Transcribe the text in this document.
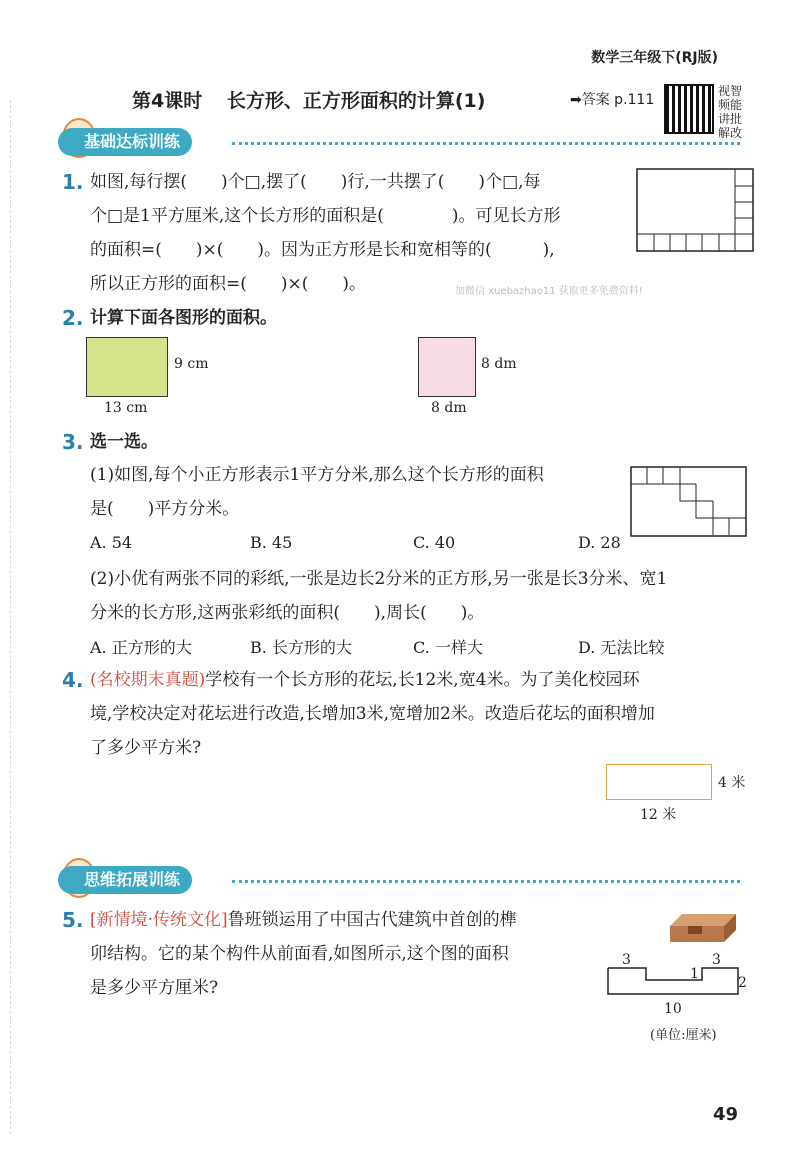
数学三年级下(RJ版)
第4课时 长方形、正方形面积的计算(1)	➡答案 p.111
视智频能讲批解改
基础达标训练
1. 如图,每行摆(　　)个□,摆了(　　)行,一共摆了(　　)个□,每
个□是1平方厘米,这个长方形的面积是(　　　　)。可见长方形
的面积=(　　)×(　　)。因为正方形是长和宽相等的(　　　),
所以正方形的面积=(　　)×(　　)。	加微信 xuebazhao11 获取更多免费资料!
2. 计算下面各图形的面积。
9 cm
13 cm
8 dm
8 dm
3. 选一选。
(1)如图,每个小正方形表示1平方分米,那么这个长方形的面积
是(　　)平方分米。
A. 54	B. 45	C. 40	D. 28
(2)小优有两张不同的彩纸,一张是边长2分米的正方形,另一张是长3分米、宽1
分米的长方形,这两张彩纸的面积(　　),周长(　　)。
A. 正方形的大	B. 长方形的大	C. 一样大	D. 无法比较
4. (名校期末真题)学校有一个长方形的花坛,长12米,宽4米。为了美化校园环
境,学校决定对花坛进行改造,长增加3米,宽增加2米。改造后花坛的面积增加
了多少平方米?
4 米
12 米
思维拓展训练
5. [新情境·传统文化]鲁班锁运用了中国古代建筑中首创的榫
卯结构。它的某个构件从前面看,如图所示,这个图的面积
是多少平方厘米?
3	3
1
2
10
(单位:厘米)
49
